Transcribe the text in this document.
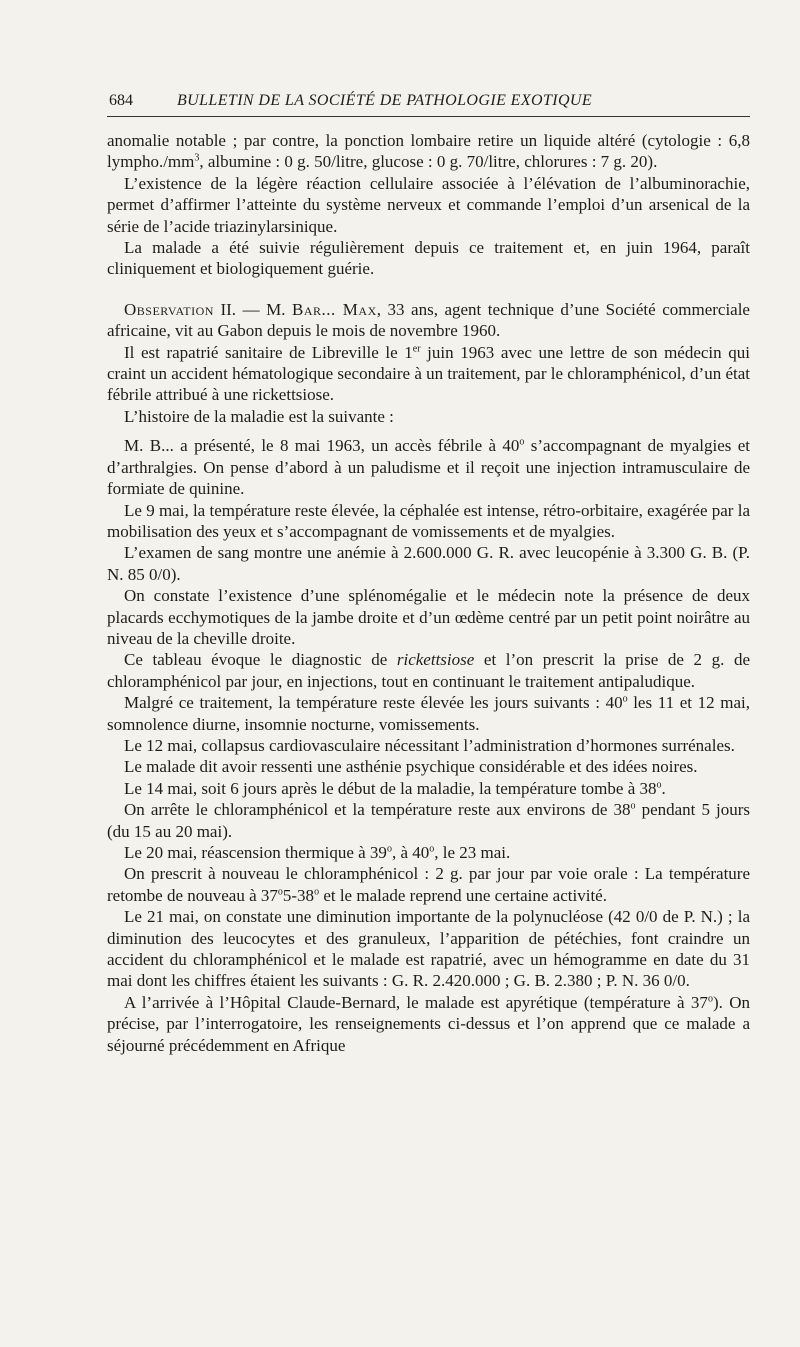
684	BULLETIN DE LA SOCIÉTÉ DE PATHOLOGIE EXOTIQUE

anomalie notable ; par contre, la ponction lombaire retire un liquide altéré (cytologie : 6,8 $lympho./mm^3$, albumine : 0 g. 50/litre, glucose : 0 g. 70/litre, chlorures : 7 g. 20).

L’existence de la légère réaction cellulaire associée à l’élévation de l’albuminorachie, permet d’affirmer l’atteinte du système nerveux et commande l’emploi d’un arsenical de la série de l’acide triazinylarsinique.

La malade a été suivie régulièrement depuis ce traitement et, en juin 1964, paraît cliniquement et biologiquement guérie.

Observation II. — M. Bar... Max, 33 ans, agent technique d’une Société commerciale africaine, vit au Gabon depuis le mois de novembre 1960.

Il est rapatrié sanitaire de Libreville le 1er juin 1963 avec une lettre de son médecin qui craint un accident hématologique secondaire à un traitement, par le chloramphénicol, d’un état fébrile attribué à une rickettsiose.

L’histoire de la maladie est la suivante :

M. B... a présenté, le 8 mai 1963, un accès fébrile à 40$^o$ s’accompagnant de myalgies et d’arthralgies. On pense d’abord à un paludisme et il reçoit une injection intramusculaire de formiate de quinine.

Le 9 mai, la température reste élevée, la céphalée est intense, rétro-orbitaire, exagérée par la mobilisation des yeux et s’accompagnant de vomissements et de myalgies.

L’examen de sang montre une anémie à 2.600.000 G. R. avec leucopénie à 3.300 G. B. (P. N. 85 0/0).

On constate l’existence d’une splénomégalie et le médecin note la présence de deux placards ecchymotiques de la jambe droite et d’un œdème centré par un petit point noirâtre au niveau de la cheville droite.

Ce tableau évoque le diagnostic de rickettsiose et l’on prescrit la prise de 2 g. de chloramphénicol par jour, en injections, tout en continuant le traitement antipaludique.

Malgré ce traitement, la température reste élevée les jours suivants : 40$^o$ les 11 et 12 mai, somnolence diurne, insomnie nocturne, vomissements.

Le 12 mai, collapsus cardiovasculaire nécessitant l’administration d’hormones surrénales.

Le malade dit avoir ressenti une asthénie psychique considérable et des idées noires.

Le 14 mai, soit 6 jours après le début de la maladie, la température tombe à 38$^o$.

On arrête le chloramphénicol et la température reste aux environs de 38$^o$ pendant 5 jours (du 15 au 20 mai).

Le 20 mai, réascension thermique à 39$^o$, à 40$^o$, le 23 mai.

On prescrit à nouveau le chloramphénicol : 2 g. par jour par voie orale : La température retombe de nouveau à 37$^o$5-38$^o$ et le malade reprend une certaine activité.

Le 21 mai, on constate une diminution importante de la polynucléose (42 0/0 de P. N.) ; la diminution des leucocytes et des granuleux, l’apparition de pétéchies, font craindre un accident du chloramphénicol et le malade est rapatrié, avec un hémogramme en date du 31 mai dont les chiffres étaient les suivants : G. R. 2.420.000 ; G. B. 2.380 ; P. N. 36 0/0.

A l’arrivée à l’Hôpital Claude-Bernard, le malade est apyrétique (température à 37$^o$). On précise, par l’interrogatoire, les renseignements ci-dessus et l’on apprend que ce malade a séjourné précédemment en Afrique
